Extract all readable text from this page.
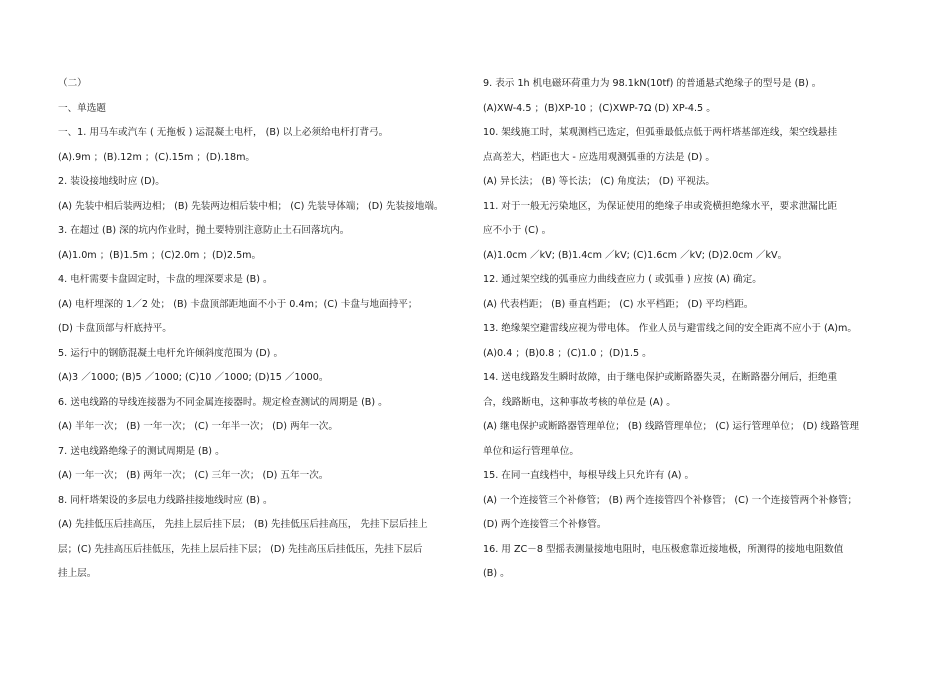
（二）
一、单选题
一、1. 用马车或汽车 ( 无拖板 ) 运混凝土电杆， (B) 以上必须给电杆打背弓。
(A).9m ；(B).12m ；(C).15m ；(D).18m。
2. 装设接地线时应 (D)。
(A) 先装中相后装两边相； (B) 先装两边相后装中相； (C) 先装导体端； (D) 先装接地端。
3. 在超过 (B) 深的坑内作业时，抛土要特别注意防止土石回落坑内。
(A)1.0m ；(B)1.5m ；(C)2.0m ；(D)2.5m。
4. 电杆需要卡盘固定时，卡盘的埋深要求是 (B) 。
(A) 电杆埋深的 1／2 处； (B) 卡盘顶部距地面不小于 0.4m；(C) 卡盘与地面持平；
(D) 卡盘顶部与杆底持平。
5. 运行中的钢筋混凝土电杆允许倾斜度范围为 (D) 。
(A)3 ／1000; (B)5 ／1000; (C)10 ／1000; (D)15 ／1000。
6. 送电线路的导线连接器为不同金属连接器时。规定检查测试的周期是 (B) 。
(A) 半年一次； (B) 一年一次； (C) 一年半一次； (D) 两年一次。
7. 送电线路绝缘子的测试周期是 (B) 。
(A) 一年一次； (B) 两年一次； (C) 三年一次； (D) 五年一次。
8. 同杆塔架设的多层电力线路挂接地线时应 (B) 。
(A) 先挂低压后挂高压， 先挂上层后挂下层； (B) 先挂低压后挂高压， 先挂下层后挂上
层；(C) 先挂高压后挂低压，先挂上层后挂下层； (D) 先挂高压后挂低压，先挂下层后
挂上层。
9. 表示 1h 机电磁环荷重力为 98.1kN(10tf) 的普通悬式绝缘子的型号是 (B) 。
(A)XW-4.5 ；(B)XP-10 ；(C)XWP-7Ω (D) XP-4.5 。
10. 架线施工时，某观测档已选定，但弧垂最低点低于两杆塔基部连线，架空线悬挂
点高差大，档距也大 - 应选用观测弧垂的方法是 (D) 。
(A) 异长法； (B) 等长法； (C) 角度法； (D) 平视法。
11. 对于一般无污染地区，为保证使用的绝缘子串或瓷横担绝缘水平，要求泄漏比距
应不小于 (C) 。
(A)1.0cm ／kV; (B)1.4cm ／kV; (C)1.6cm ／kV; (D)2.0cm ／kV。
12. 通过架空线的弧垂应力曲线查应力 ( 或弧垂 ) 应按 (A) 确定。
(A) 代表档距； (B) 垂直档距； (C) 水平档距； (D) 平均档距。
13. 绝缘架空避雷线应视为带电体。 作业人员与避雷线之间的安全距离不应小于 (A)m。
(A)0.4 ；(B)0.8 ；(C)1.0 ；(D)1.5 。
14. 送电线路发生瞬时故障，由于继电保护或断路器失灵，在断路器分闸后，拒绝重
合，线路断电，这种事故考核的单位是 (A) 。
(A) 继电保护或断路器管理单位； (B) 线路管理单位； (C) 运行管理单位； (D) 线路管理
单位和运行管理单位。
15. 在同一直线档中，每根导线上只允许有 (A) 。
(A) 一个连接管三个补修管； (B) 两个连接管四个补修管； (C) 一个连接管两个补修管；
(D) 两个连接管三个补修管。
16. 用 ZC－8 型摇表测量接地电阻时，电压极愈靠近接地极，所测得的接地电阻数值
(B) 。
